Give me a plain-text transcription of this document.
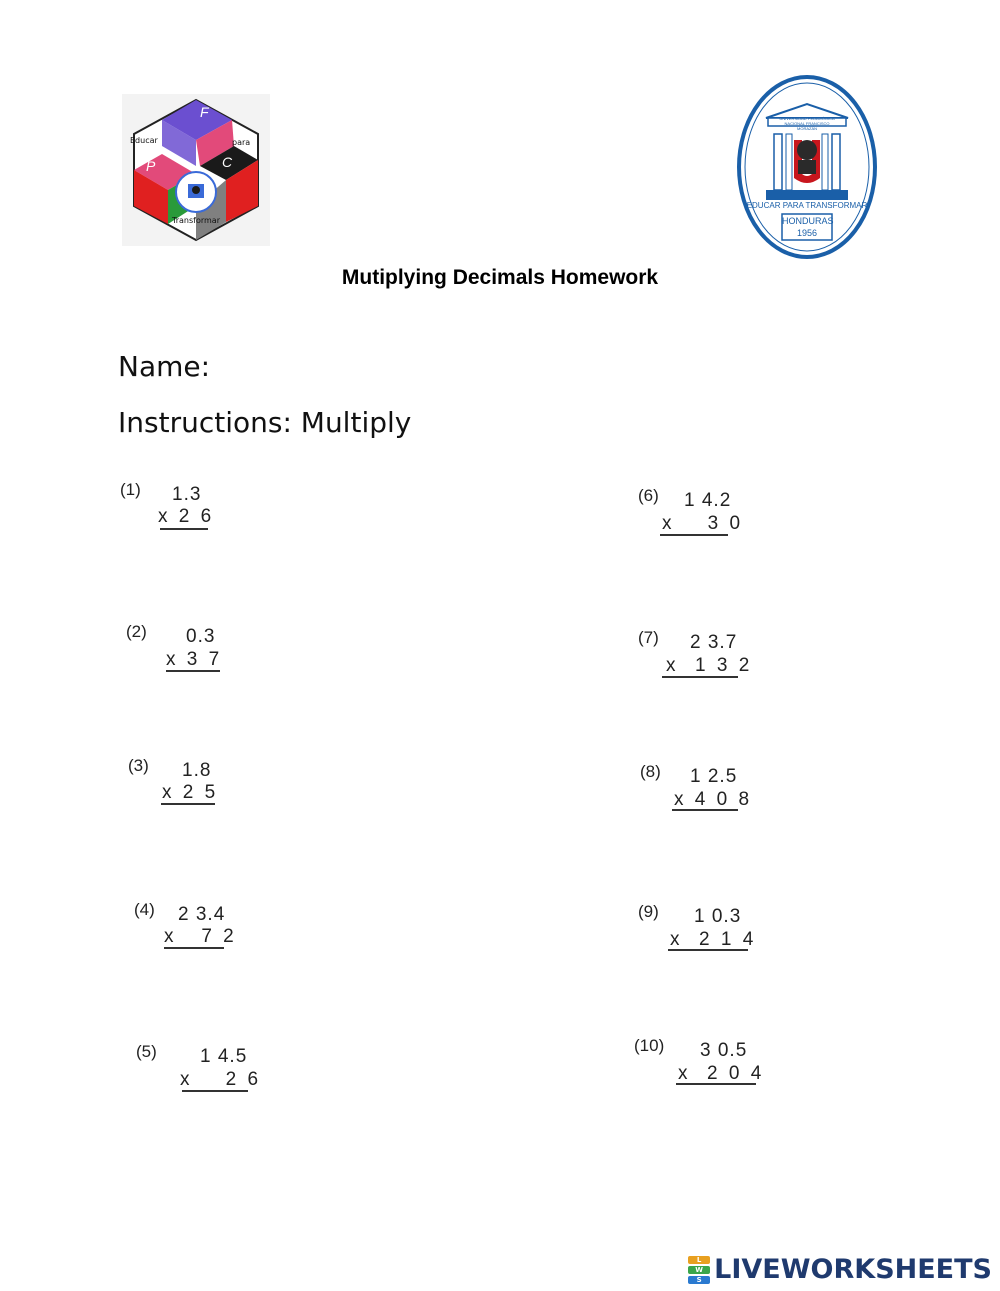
Educar	para
Transformar
F
P	C
UNIVERSIDAD PEDAGÓGICA NACIONAL FRANCISCO MORAZÁN
EDUCAR PARA TRANSFORMAR
HONDURAS
1956
Mutiplying Decimals Homework
Name:
Instructions: Multiply
(1) 1.3
x 2 6
(2) 0.3
x 3 7
(3) 1.8
x 2 5
(4) 2 3.4
x   7 2
(5) 1 4.5
x    2 6
(6) 1 4.2
x    3 0
(7) 2 3.7
x  1 3 2
(8) 1 2.5
x 4 0 8
(9) 1 0.3
x  2 1 4
(10) 3 0.5
x  2 0 4
L
W
S LIVEWORKSHEETS
